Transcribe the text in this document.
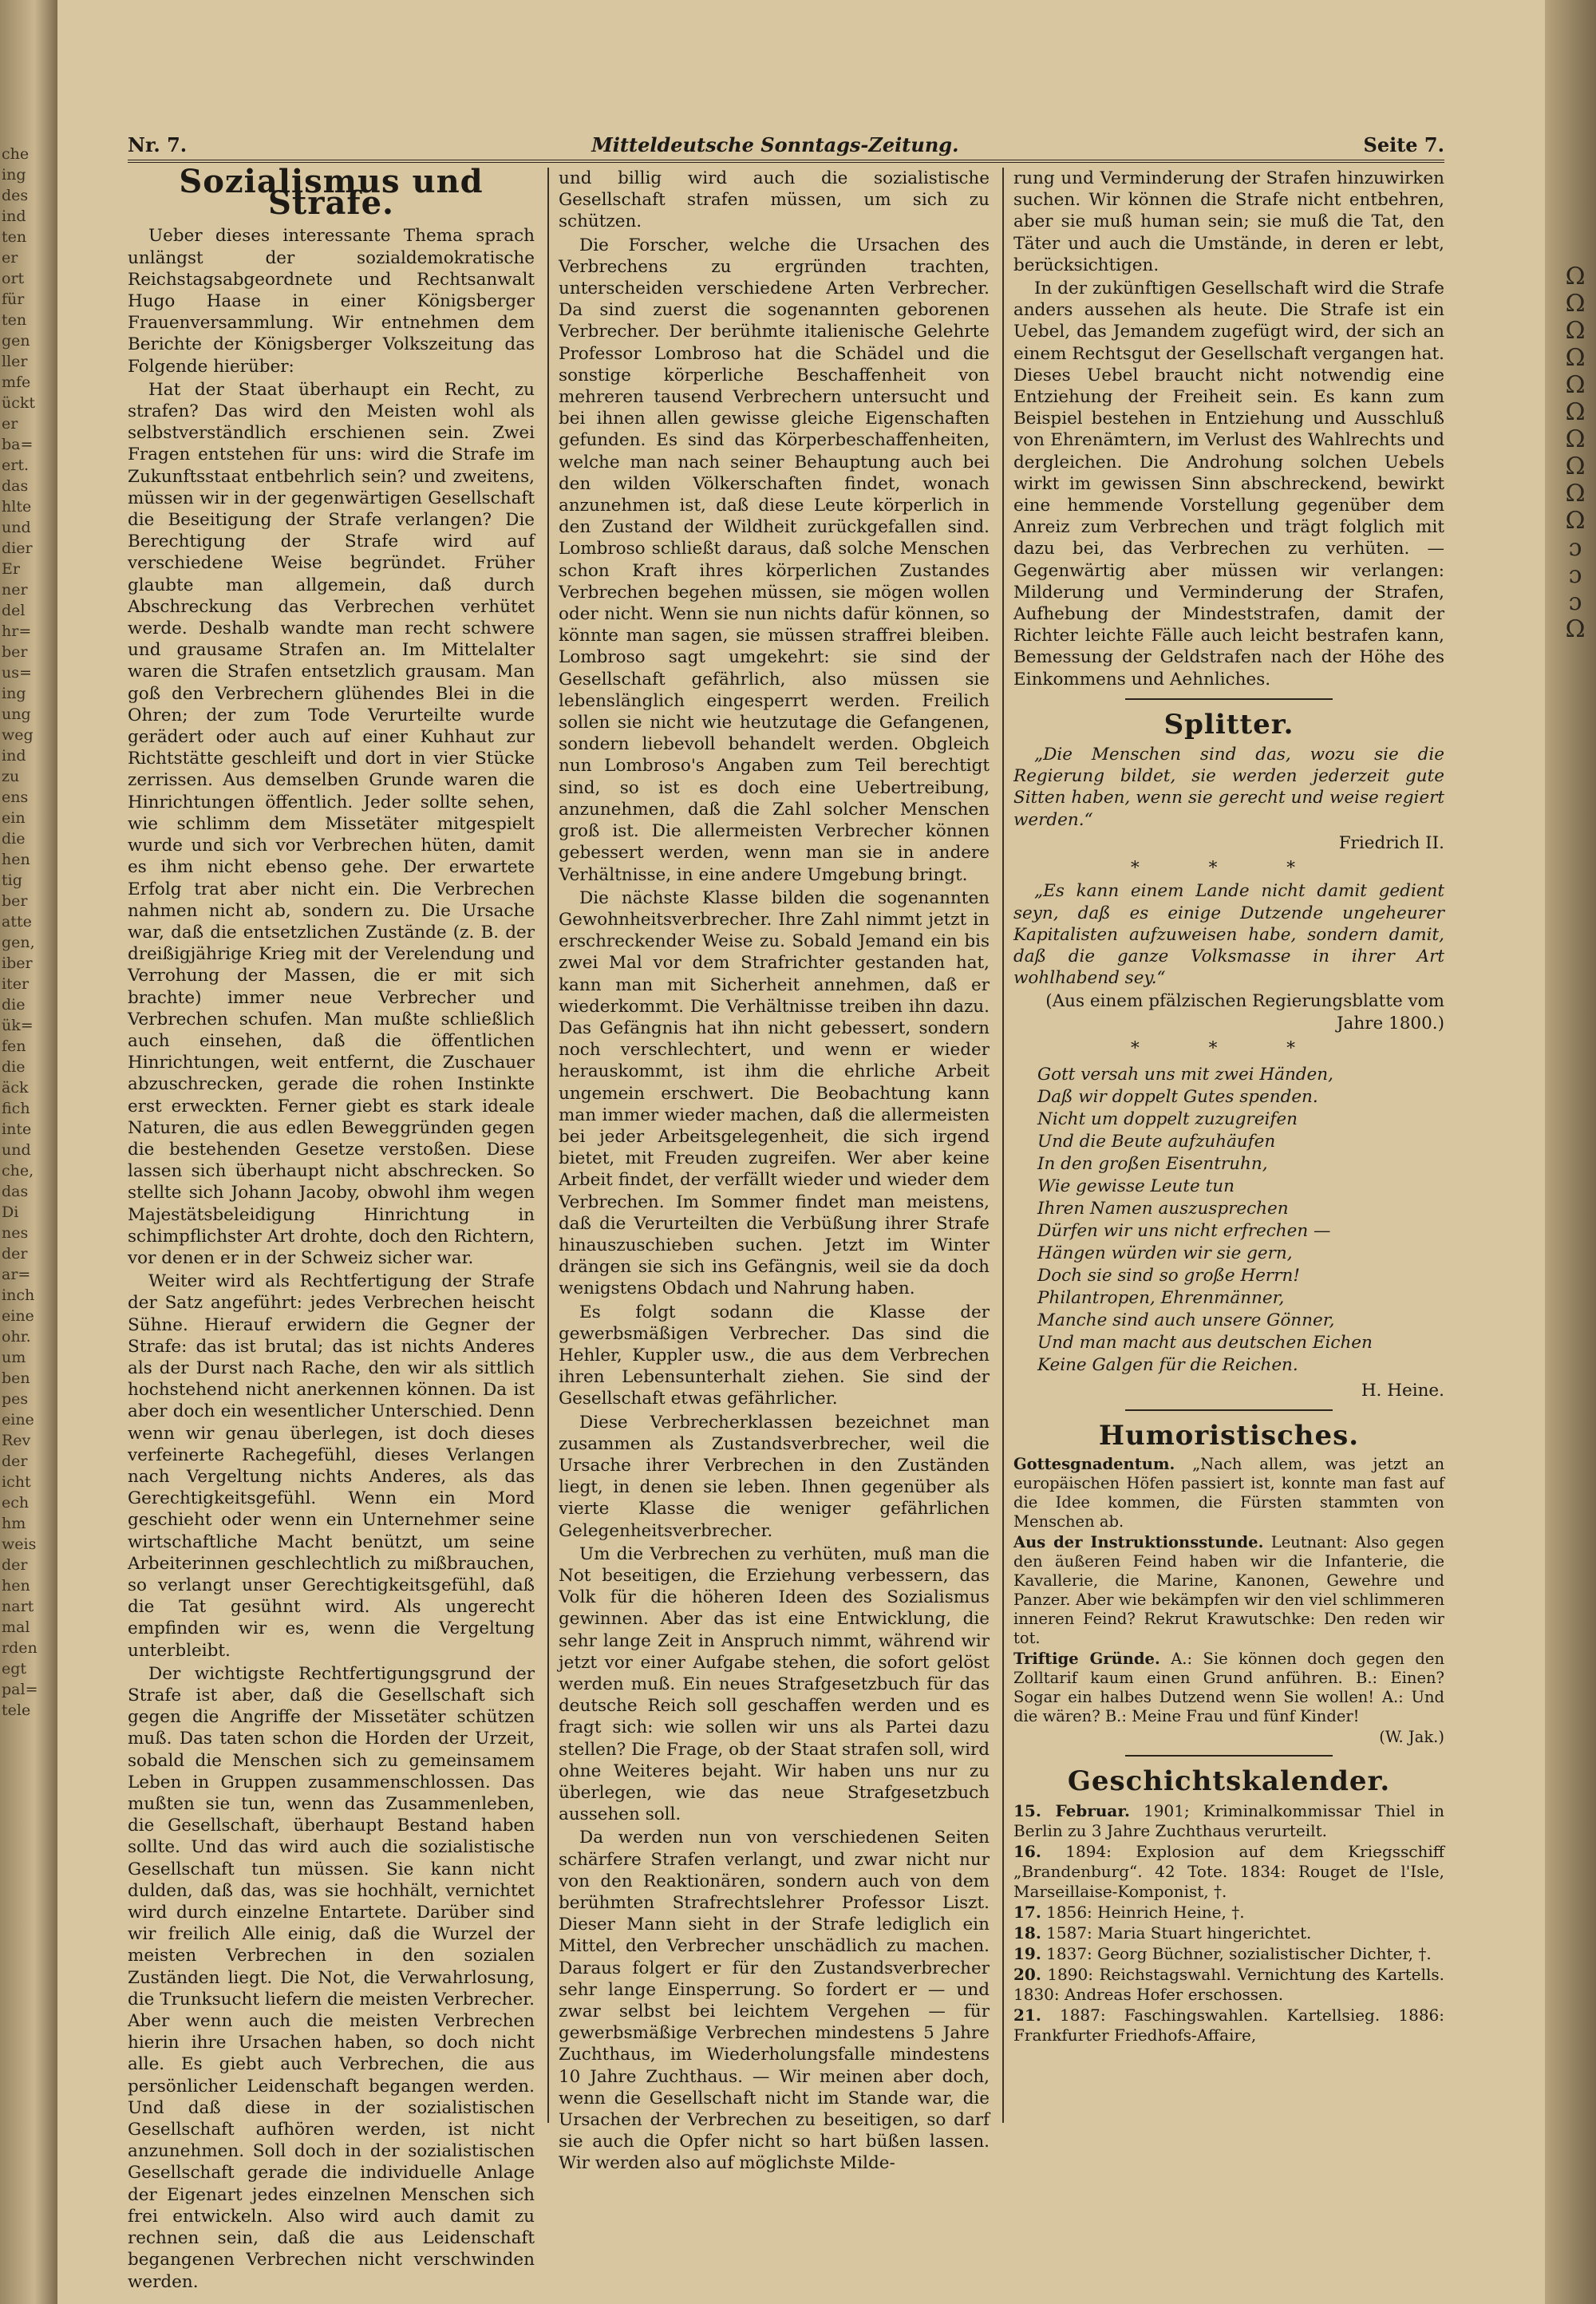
che
ing
des
ind
ten
er
ort
für
ten
gen
ller
mfe
ückt
er
ba=
ert.
das
hlte
und
dier
Er
ner
del
hr=
ber
us=
ing
ung
weg
ind
zu
ens
ein
die
hen
tig
ber
atte
gen,
iber
iter
die
ük=
fen
die
äck
fich
inte
und
che,
das
Di
nes
der
ar=
inch
eine
ohr.
um
ben
pes
eine
Rev
der
icht
ech
hm
weis
der
hen
nart
mal
rden
egt
pal=
tele
Ω
Ω
Ω
Ω
Ω
Ω
Ω
Ω
Ω
Ω
ɔ
ɔ
ɔ
Ω
Nr. 7.	Mitteldeutsche Sonntags-Zeitung.	Seite 7.
Sozialismus und Strafe.

Ueber dieses interessante Thema sprach unlängst der sozialdemokratische Reichstagsabgeordnete und Rechtsanwalt Hugo Haase in einer Königsberger Frauenversammlung. Wir entnehmen dem Berichte der Königsberger Volkszeitung das Folgende hierüber:

Hat der Staat überhaupt ein Recht, zu strafen? Das wird den Meisten wohl als selbstverständlich erschienen sein. Zwei Fragen entstehen für uns: wird die Strafe im Zukunftsstaat entbehrlich sein? und zweitens, müssen wir in der gegenwärtigen Gesellschaft die Beseitigung der Strafe verlangen? Die Berechtigung der Strafe wird auf verschiedene Weise begründet. Früher glaubte man allgemein, daß durch Abschreckung das Verbrechen verhütet werde. Deshalb wandte man recht schwere und grausame Strafen an. Im Mittelalter waren die Strafen entsetzlich grausam. Man goß den Verbrechern glühendes Blei in die Ohren; der zum Tode Verurteilte wurde gerädert oder auch auf einer Kuhhaut zur Richtstätte geschleift und dort in vier Stücke zerrissen. Aus demselben Grunde waren die Hinrichtungen öffentlich. Jeder sollte sehen, wie schlimm dem Missetäter mitgespielt wurde und sich vor Verbrechen hüten, damit es ihm nicht ebenso gehe. Der erwartete Erfolg trat aber nicht ein. Die Verbrechen nahmen nicht ab, sondern zu. Die Ursache war, daß die entsetzlichen Zustände (z. B. der dreißigjährige Krieg mit der Verelendung und Verrohung der Massen, die er mit sich brachte) immer neue Verbrecher und Verbrechen schufen. Man mußte schließlich auch einsehen, daß die öffentlichen Hinrichtungen, weit entfernt, die Zuschauer abzuschrecken, gerade die rohen Instinkte erst erweckten. Ferner giebt es stark ideale Naturen, die aus edlen Beweggründen gegen die bestehenden Gesetze verstoßen. Diese lassen sich überhaupt nicht abschrecken. So stellte sich Johann Jacoby, obwohl ihm wegen Majestätsbeleidigung Hinrichtung in schimpflichster Art drohte, doch den Richtern, vor denen er in der Schweiz sicher war.

Weiter wird als Rechtfertigung der Strafe der Satz angeführt: jedes Verbrechen heischt Sühne. Hierauf erwidern die Gegner der Strafe: das ist brutal; das ist nichts Anderes als der Durst nach Rache, den wir als sittlich hochstehend nicht anerkennen können. Da ist aber doch ein wesentlicher Unterschied. Denn wenn wir genau überlegen, ist doch dieses verfeinerte Rachegefühl, dieses Verlangen nach Vergeltung nichts Anderes, als das Gerechtigkeitsgefühl. Wenn ein Mord geschieht oder wenn ein Unternehmer seine wirtschaftliche Macht benützt, um seine Arbeiterinnen geschlechtlich zu mißbrauchen, so verlangt unser Gerechtigkeitsgefühl, daß die Tat gesühnt wird. Als ungerecht empfinden wir es, wenn die Vergeltung unterbleibt.

Der wichtigste Rechtfertigungsgrund der Strafe ist aber, daß die Gesellschaft sich gegen die Angriffe der Missetäter schützen muß. Das taten schon die Horden der Urzeit, sobald die Menschen sich zu gemeinsamem Leben in Gruppen zusammenschlossen. Das mußten sie tun, wenn das Zusammenleben, die Gesellschaft, überhaupt Bestand haben sollte. Und das wird auch die sozialistische Gesellschaft tun müssen. Sie kann nicht dulden, daß das, was sie hochhält, vernichtet wird durch einzelne Entartete. Darüber sind wir freilich Alle einig, daß die Wurzel der meisten Verbrechen in den sozialen Zuständen liegt. Die Not, die Verwahrlosung, die Trunksucht liefern die meisten Verbrecher. Aber wenn auch die meisten Verbrechen hierin ihre Ursachen haben, so doch nicht alle. Es giebt auch Verbrechen, die aus persönlicher Leidenschaft begangen werden. Und daß diese in der sozialistischen Gesellschaft aufhören werden, ist nicht anzunehmen. Soll doch in der sozialistischen Gesellschaft gerade die individuelle Anlage der Eigenart jedes einzelnen Menschen sich frei entwickeln. Also wird auch damit zu rechnen sein, daß die aus Leidenschaft begangenen Verbrechen nicht verschwinden werden.

und billig wird auch die sozialistische Gesellschaft strafen müssen, um sich zu schützen.

Die Forscher, welche die Ursachen des Verbrechens zu ergründen trachten, unterscheiden verschiedene Arten Verbrecher. Da sind zuerst die sogenannten geborenen Verbrecher. Der berühmte italienische Gelehrte Professor Lombroso hat die Schädel und die sonstige körperliche Beschaffenheit von mehreren tausend Verbrechern untersucht und bei ihnen allen gewisse gleiche Eigenschaften gefunden. Es sind das Körperbeschaffenheiten, welche man nach seiner Behauptung auch bei den wilden Völkerschaften findet, wonach anzunehmen ist, daß diese Leute körperlich in den Zustand der Wildheit zurückgefallen sind. Lombroso schließt daraus, daß solche Menschen schon Kraft ihres körperlichen Zustandes Verbrechen begehen müssen, sie mögen wollen oder nicht. Wenn sie nun nichts dafür können, so könnte man sagen, sie müssen straffrei bleiben. Lombroso sagt umgekehrt: sie sind der Gesellschaft gefährlich, also müssen sie lebenslänglich eingesperrt werden. Freilich sollen sie nicht wie heutzutage die Gefangenen, sondern liebevoll behandelt werden. Obgleich nun Lombroso's Angaben zum Teil berechtigt sind, so ist es doch eine Uebertreibung, anzunehmen, daß die Zahl solcher Menschen groß ist. Die allermeisten Verbrecher können gebessert werden, wenn man sie in andere Verhältnisse, in eine andere Umgebung bringt.

Die nächste Klasse bilden die sogenannten Gewohnheitsverbrecher. Ihre Zahl nimmt jetzt in erschreckender Weise zu. Sobald Jemand ein bis zwei Mal vor dem Strafrichter gestanden hat, kann man mit Sicherheit annehmen, daß er wiederkommt. Die Verhältnisse treiben ihn dazu. Das Gefängnis hat ihn nicht gebessert, sondern noch verschlechtert, und wenn er wieder herauskommt, ist ihm die ehrliche Arbeit ungemein erschwert. Die Beobachtung kann man immer wieder machen, daß die allermeisten bei jeder Arbeitsgelegenheit, die sich irgend bietet, mit Freuden zugreifen. Wer aber keine Arbeit findet, der verfällt wieder und wieder dem Verbrechen. Im Sommer findet man meistens, daß die Verurteilten die Verbüßung ihrer Strafe hinauszuschieben suchen. Jetzt im Winter drängen sie sich ins Gefängnis, weil sie da doch wenigstens Obdach und Nahrung haben.

Es folgt sodann die Klasse der gewerbsmäßigen Verbrecher. Das sind die Hehler, Kuppler usw., die aus dem Verbrechen ihren Lebensunterhalt ziehen. Sie sind der Gesellschaft etwas gefährlicher.

Diese Verbrecherklassen bezeichnet man zusammen als Zustandsverbrecher, weil die Ursache ihrer Verbrechen in den Zuständen liegt, in denen sie leben. Ihnen gegenüber als vierte Klasse die weniger gefährlichen Gelegenheitsverbrecher.

Um die Verbrechen zu verhüten, muß man die Not beseitigen, die Erziehung verbessern, das Volk für die höheren Ideen des Sozialismus gewinnen. Aber das ist eine Entwicklung, die sehr lange Zeit in Anspruch nimmt, während wir jetzt vor einer Aufgabe stehen, die sofort gelöst werden muß. Ein neues Strafgesetzbuch für das deutsche Reich soll geschaffen werden und es fragt sich: wie sollen wir uns als Partei dazu stellen? Die Frage, ob der Staat strafen soll, wird ohne Weiteres bejaht. Wir haben uns nur zu überlegen, wie das neue Strafgesetzbuch aussehen soll.

Da werden nun von verschiedenen Seiten schärfere Strafen verlangt, und zwar nicht nur von den Reaktionären, sondern auch von dem berühmten Strafrechtslehrer Professor Liszt. Dieser Mann sieht in der Strafe lediglich ein Mittel, den Verbrecher unschädlich zu machen. Daraus folgert er für den Zustandsverbrecher sehr lange Einsperrung. So fordert er — und zwar selbst bei leichtem Vergehen — für gewerbsmäßige Verbrechen mindestens 5 Jahre Zuchthaus, im Wiederholungsfalle mindestens 10 Jahre Zuchthaus. — Wir meinen aber doch, wenn die Gesellschaft nicht im Stande war, die Ursachen der Verbrechen zu beseitigen, so darf sie auch die Opfer nicht so hart büßen lassen. Wir werden also auf möglichste Milde-

rung und Verminderung der Strafen hinzuwirken suchen. Wir können die Strafe nicht entbehren, aber sie muß human sein; sie muß die Tat, den Täter und auch die Umstände, in deren er lebt, berücksichtigen.

In der zukünftigen Gesellschaft wird die Strafe anders aussehen als heute. Die Strafe ist ein Uebel, das Jemandem zugefügt wird, der sich an einem Rechtsgut der Gesellschaft vergangen hat. Dieses Uebel braucht nicht notwendig eine Entziehung der Freiheit sein. Es kann zum Beispiel bestehen in Entziehung und Ausschluß von Ehrenämtern, im Verlust des Wahlrechts und dergleichen. Die Androhung solchen Uebels wirkt im gewissen Sinn abschreckend, bewirkt eine hemmende Vorstellung gegenüber dem Anreiz zum Verbrechen und trägt folglich mit dazu bei, das Verbrechen zu verhüten. — Gegenwärtig aber müssen wir verlangen: Milderung und Verminderung der Strafen, Aufhebung der Mindeststrafen, damit der Richter leichte Fälle auch leicht bestrafen kann, Bemessung der Geldstrafen nach der Höhe des Einkommens und Aehnliches.

Splitter.

„Die Menschen sind das, wozu sie die Regierung bildet, sie werden jederzeit gute Sitten haben, wenn sie gerecht und weise regiert werden.“

Friedrich II.
* * *

„Es kann einem Lande nicht damit gedient seyn, daß es einige Dutzende ungeheurer Kapitalisten aufzuweisen habe, sondern damit, daß die ganze Volksmasse in ihrer Art wohlhabend sey.“

(Aus einem pfälzischen Regierungsblatte vom Jahre 1800.)
* * *
Gott versah uns mit zwei Händen,
Daß wir doppelt Gutes spenden.
Nicht um doppelt zuzugreifen
Und die Beute aufzuhäufen
In den großen Eisentruhn,
Wie gewisse Leute tun
Ihren Namen auszusprechen
Dürfen wir uns nicht erfrechen —
Hängen würden wir sie gern,
Doch sie sind so große Herrn!
Philantropen, Ehrenmänner,
Manche sind auch unsere Gönner,
Und man macht aus deutschen Eichen
Keine Galgen für die Reichen.
H. Heine.
Humoristisches.

Gottesgnadentum. „Nach allem, was jetzt an europäischen Höfen passiert ist, konnte man fast auf die Idee kommen, die Fürsten stammten von Menschen ab.

Aus der Instruktionsstunde. Leutnant: Also gegen den äußeren Feind haben wir die Infanterie, die Kavallerie, die Marine, Kanonen, Gewehre und Panzer. Aber wie bekämpfen wir den viel schlimmeren inneren Feind? Rekrut Krawutschke: Den reden wir tot.

Triftige Gründe. A.: Sie können doch gegen den Zolltarif kaum einen Grund anführen. B.: Einen? Sogar ein halbes Dutzend wenn Sie wollen! A.: Und die wären? B.: Meine Frau und fünf Kinder!

(W. Jak.)
Geschichtskalender.

15. Februar. 1901; Kriminalkommissar Thiel in Berlin zu 3 Jahre Zuchthaus verurteilt.

16. 1894: Explosion auf dem Kriegsschiff „Brandenburg“. 42 Tote. 1834: Rouget de l'Isle, Marseillaise-Komponist, †.

17. 1856: Heinrich Heine, †.

18. 1587: Maria Stuart hingerichtet.

19. 1837: Georg Büchner, sozialistischer Dichter, †.

20. 1890: Reichstagswahl. Vernichtung des Kartells. 1830: Andreas Hofer erschossen.

21. 1887: Faschingswahlen. Kartellsieg. 1886: Frankfurter Friedhofs-Affaire,
